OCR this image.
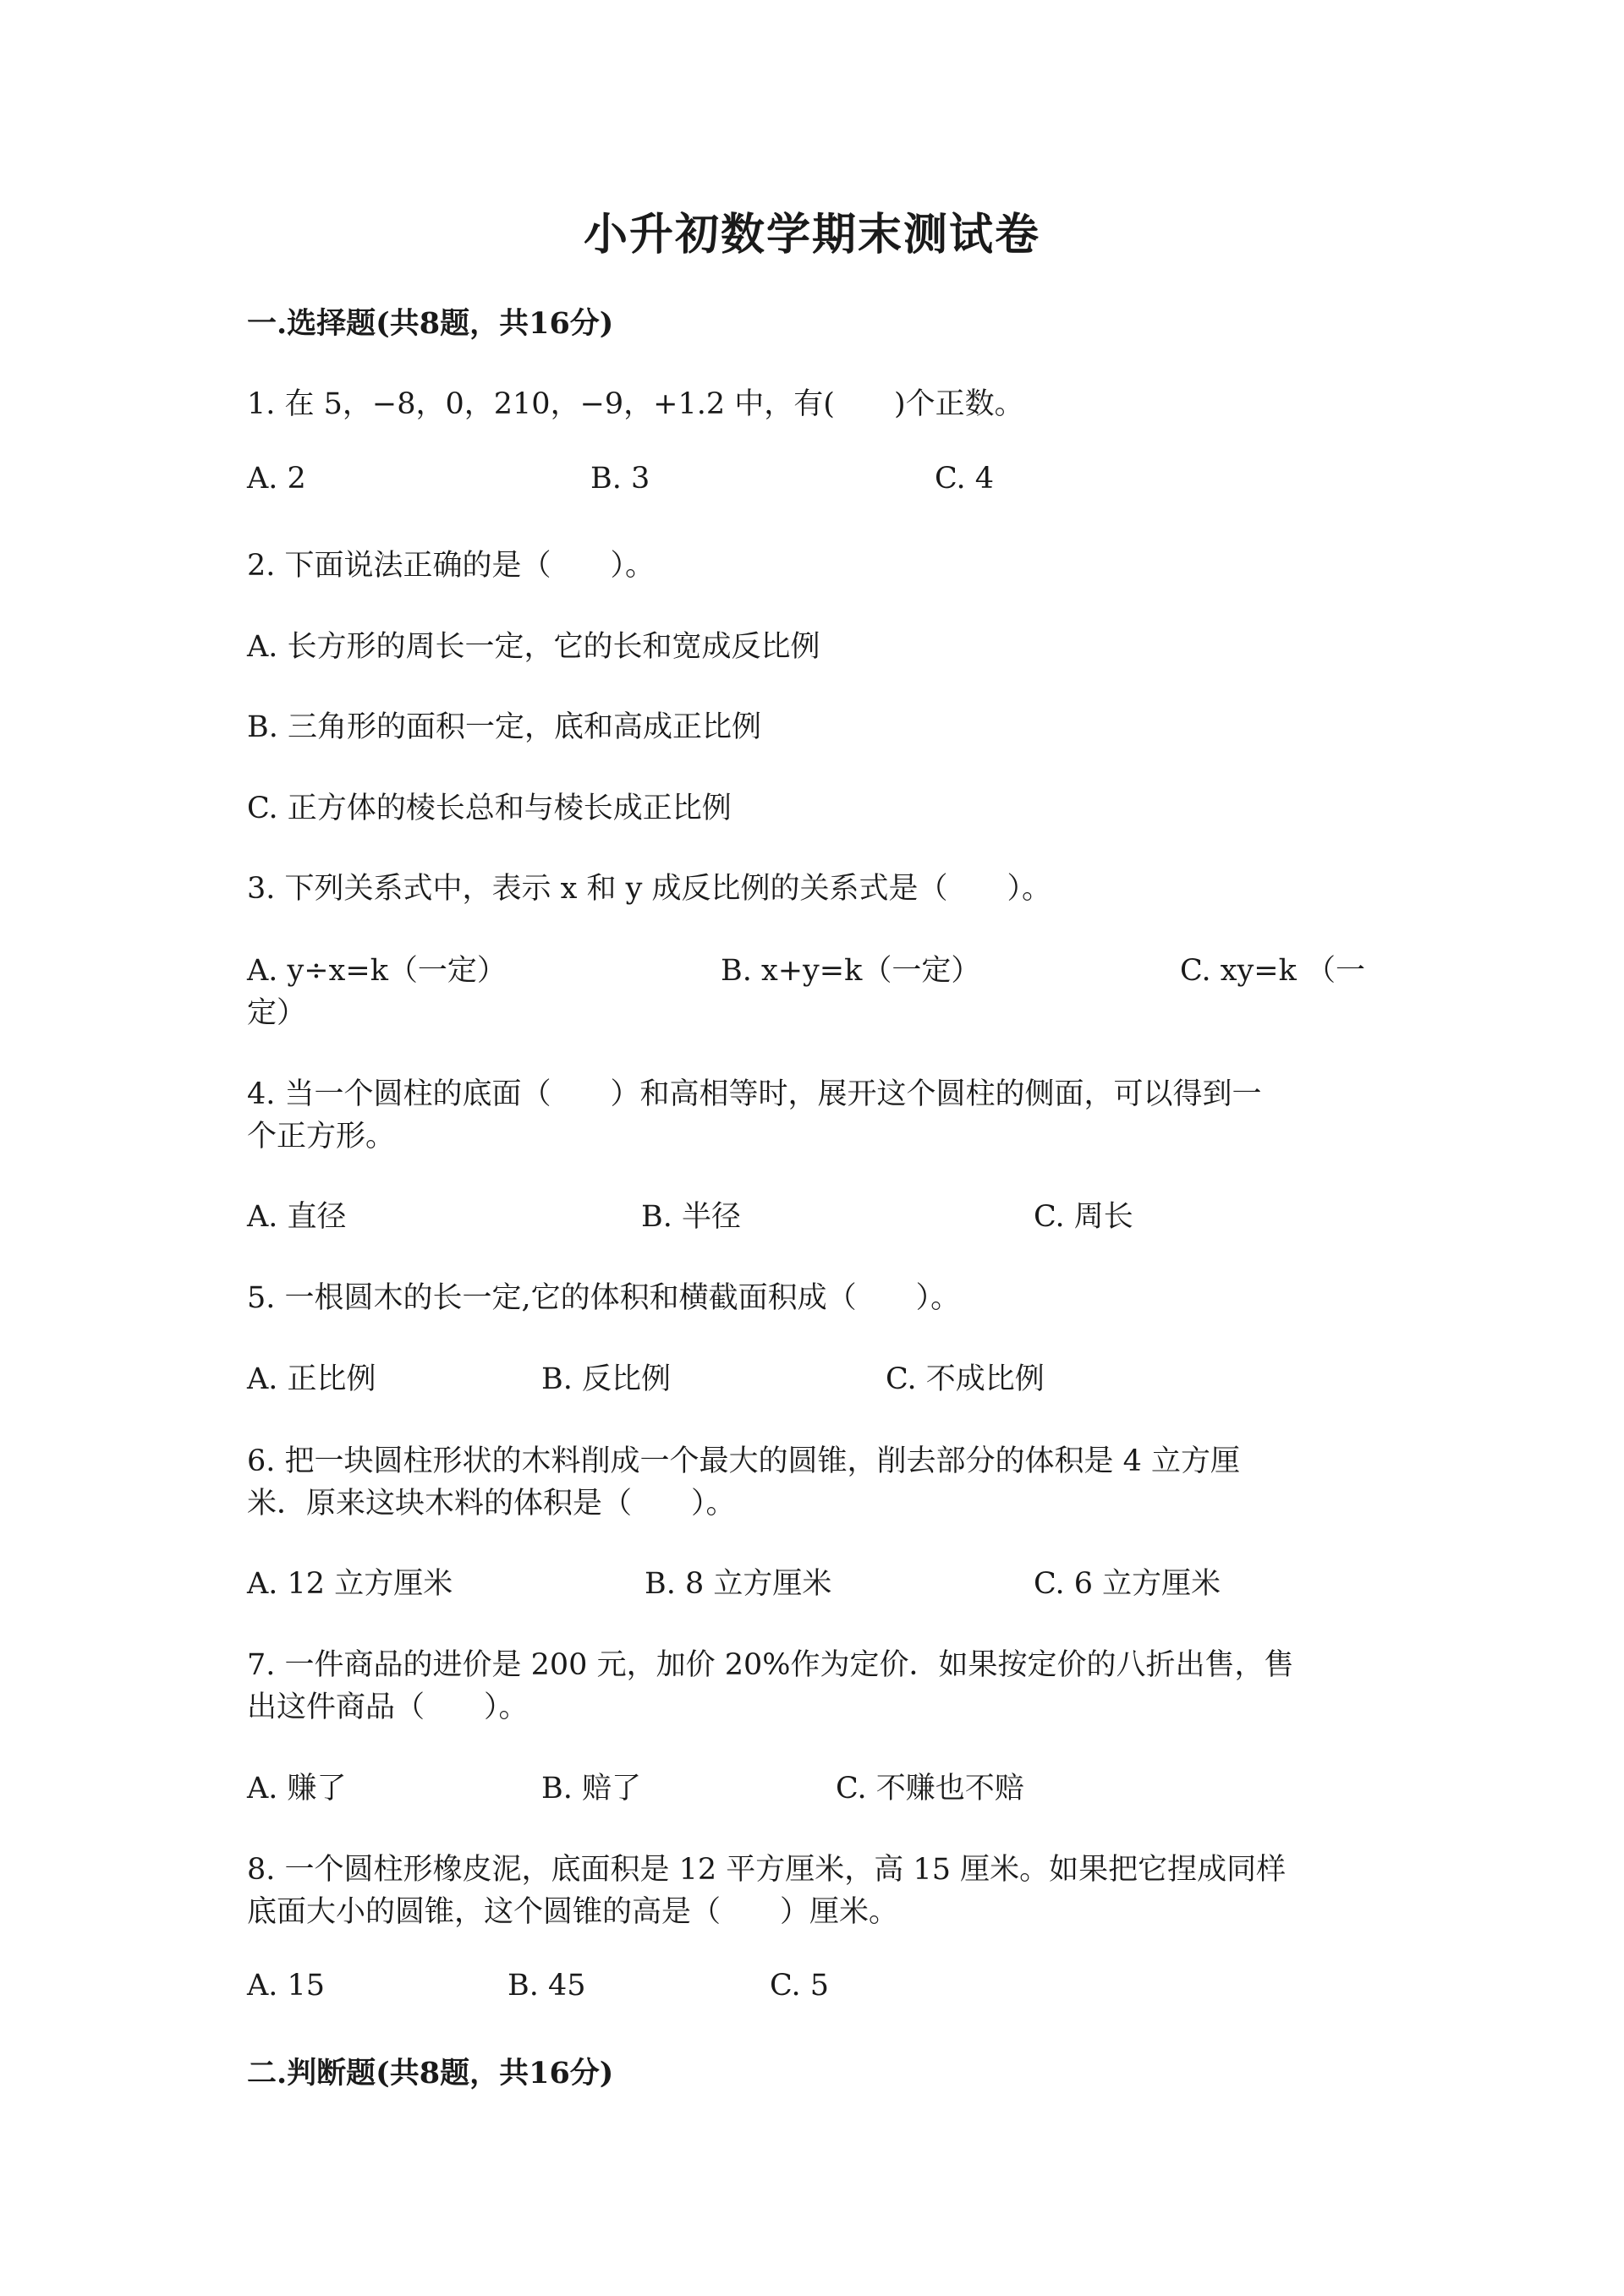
小升初数学期末测试卷
一.选择题(共8题，共16分)
1. 在 5，−8，0，210，−9，+1.2 中，有(　　)个正数。
A. 2	B. 3	C. 4
2. 下面说法正确的是（　　）。
A. 长方形的周长一定，它的长和宽成反比例
B. 三角形的面积一定，底和高成正比例
C. 正方体的棱长总和与棱长成正比例
3. 下列关系式中，表示 x 和 y 成反比例的关系式是（　　）。
A. y÷x=k（一定）	B. x+y=k（一定）	C. xy=k （一
定）
4. 当一个圆柱的底面（　　）和高相等时，展开这个圆柱的侧面，可以得到一
个正方形。
A. 直径	B. 半径	C. 周长
5. 一根圆木的长一定,它的体积和横截面积成（　　）。
A. 正比例	B. 反比例	C. 不成比例
6. 把一块圆柱形状的木料削成一个最大的圆锥，削去部分的体积是 4 立方厘
米．原来这块木料的体积是（　　）。
A. 12 立方厘米	B. 8 立方厘米	C. 6 立方厘米
7. 一件商品的进价是 200 元，加价 20%作为定价．如果按定价的八折出售，售
出这件商品（　　）。
A. 赚了	B. 赔了	C. 不赚也不赔
8. 一个圆柱形橡皮泥，底面积是 12 平方厘米，高 15 厘米。如果把它捏成同样
底面大小的圆锥，这个圆锥的高是（　　）厘米。
A. 15	B. 45	C. 5
二.判断题(共8题，共16分)
